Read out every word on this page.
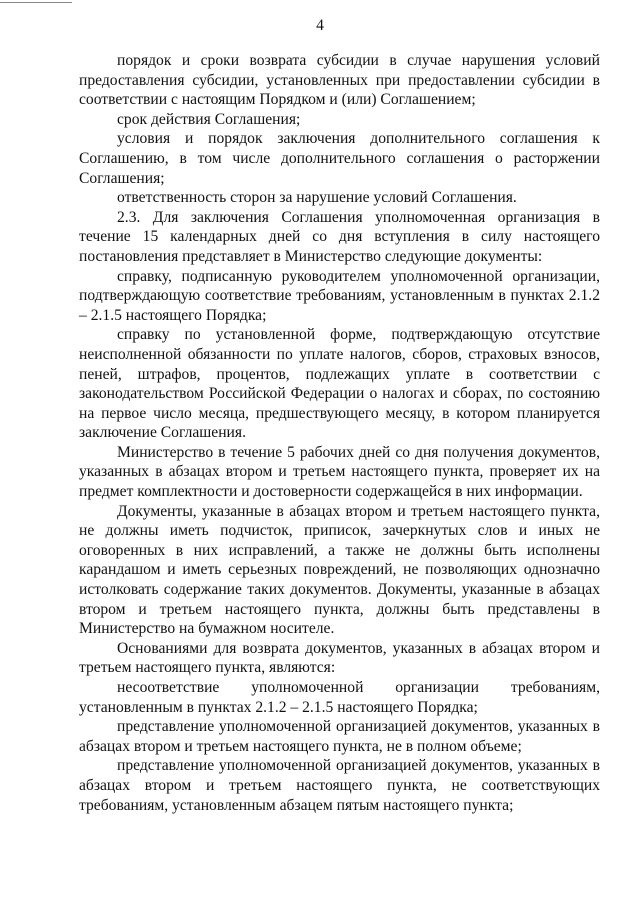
4

порядок и сроки возврата субсидии в случае нарушения условий предоставления субсидии, установленных при предоставлении субсидии в соответствии с настоящим Порядком и (или) Соглашением;

срок действия Соглашения;

условия и порядок заключения дополнительного соглашения к Соглашению, в том числе дополнительного соглашения о расторжении Соглашения;

ответственность сторон за нарушение условий Соглашения.

2.3. Для заключения Соглашения уполномоченная организация в течение 15 календарных дней со дня вступления в силу настоящего постановления представляет в Министерство следующие документы:

справку, подписанную руководителем уполномоченной организации, подтверждающую соответствие требованиям, установленным в пунктах 2.1.2 – 2.1.5 настоящего Порядка;

справку по установленной форме, подтверждающую отсутствие неисполненной обязанности по уплате налогов, сборов, страховых взносов, пеней, штрафов, процентов, подлежащих уплате в соответствии с законодательством Российской Федерации о налогах и сборах, по состоянию на первое число месяца, предшествующего месяцу, в котором планируется заключение Соглашения.

Министерство в течение 5 рабочих дней со дня получения документов, указанных в абзацах втором и третьем настоящего пункта, проверяет их на предмет комплектности и достоверности содержащейся в них информации.

Документы, указанные в абзацах втором и третьем настоящего пункта, не должны иметь подчисток, приписок, зачеркнутых слов и иных не оговоренных в них исправлений, а также не должны быть исполнены карандашом и иметь серьезных повреждений, не позволяющих однозначно истолковать содержание таких документов. Документы, указанные в абзацах втором и третьем настоящего пункта, должны быть представлены в Министерство на бумажном носителе.

Основаниями для возврата документов, указанных в абзацах втором и третьем настоящего пункта, являются:

несоответствие уполномоченной организации требованиям, установленным в пунктах 2.1.2 – 2.1.5 настоящего Порядка;

представление уполномоченной организацией документов, указанных в абзацах втором и третьем настоящего пункта, не в полном объеме;

представление уполномоченной организацией документов, указанных в абзацах втором и третьем настоящего пункта, не соответствующих требованиям, установленным абзацем пятым настоящего пункта;
